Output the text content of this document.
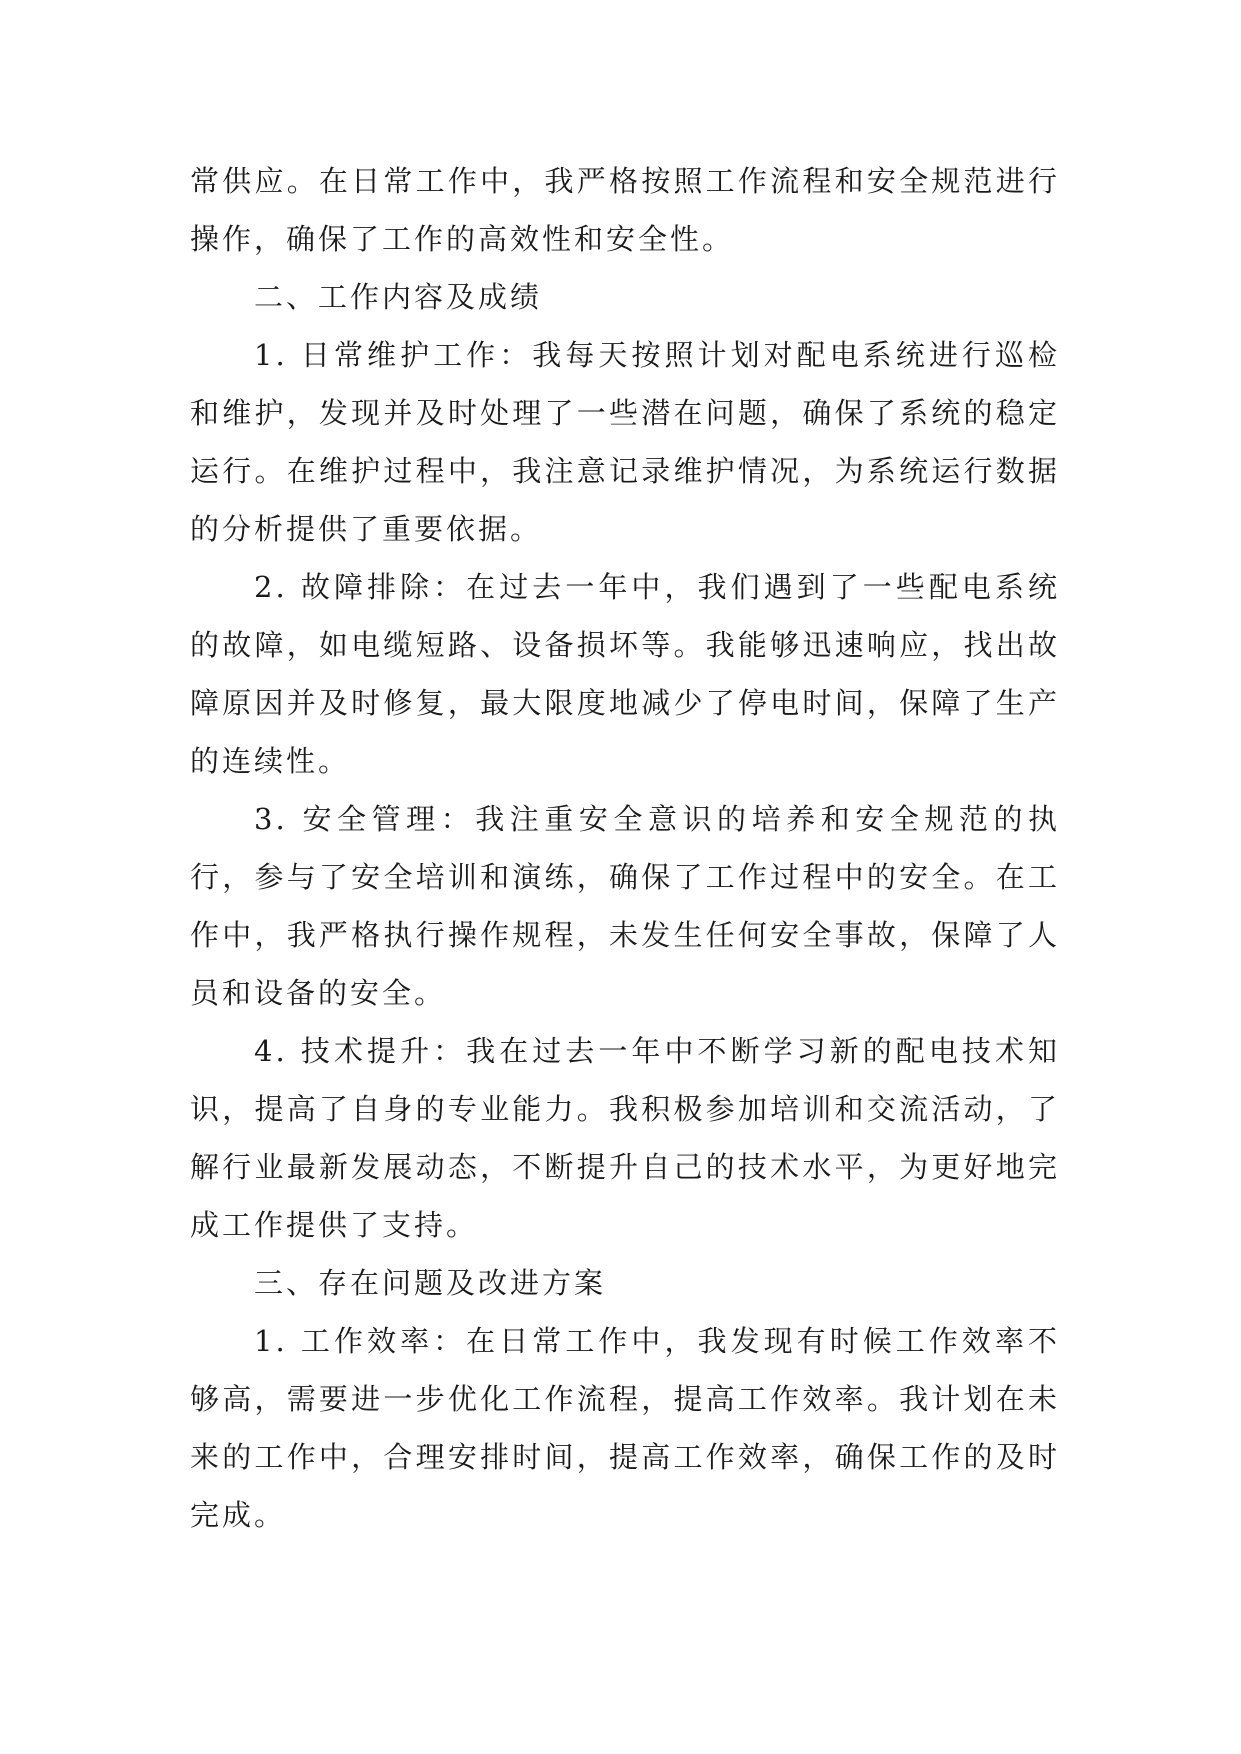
常供应。在日常工作中，我严格按照工作流程和安全规范进行操作，确保了工作的高效性和安全性。

二、工作内容及成绩

1. 日常维护工作：我每天按照计划对配电系统进行巡检和维护，发现并及时处理了一些潜在问题，确保了系统的稳定运行。在维护过程中，我注意记录维护情况，为系统运行数据的分析提供了重要依据。

2. 故障排除：在过去一年中，我们遇到了一些配电系统的故障，如电缆短路、设备损坏等。我能够迅速响应，找出故障原因并及时修复，最大限度地减少了停电时间，保障了生产的连续性。

3. 安全管理：我注重安全意识的培养和安全规范的执行，参与了安全培训和演练，确保了工作过程中的安全。在工作中，我严格执行操作规程，未发生任何安全事故，保障了人员和设备的安全。

4. 技术提升：我在过去一年中不断学习新的配电技术知识，提高了自身的专业能力。我积极参加培训和交流活动，了解行业最新发展动态，不断提升自己的技术水平，为更好地完成工作提供了支持。

三、存在问题及改进方案

1. 工作效率：在日常工作中，我发现有时候工作效率不够高，需要进一步优化工作流程，提高工作效率。我计划在未来的工作中，合理安排时间，提高工作效率，确保工作的及时完成。
